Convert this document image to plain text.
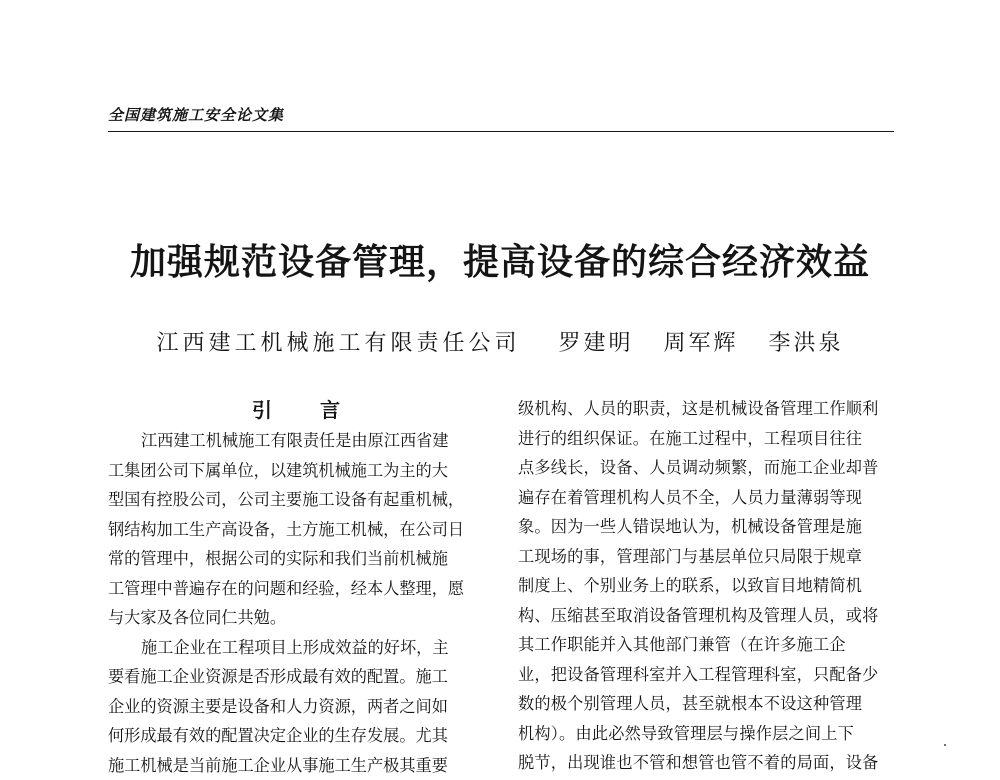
全国建筑施工安全论文集
加强规范设备管理，提高设备的综合经济效益
江西建工机械施工有限责任公司 罗建明 周军辉 李洪泉
引言
江西建工机械施工有限责任是由原江西省建
工集团公司下属单位，以建筑机械施工为主的大
型国有控股公司，公司主要施工设备有起重机械，
钢结构加工生产高设备，土方施工机械，在公司日
常的管理中，根据公司的实际和我们当前机械施
工管理中普遍存在的问题和经验，经本人整理，愿
与大家及各位同仁共勉。
施工企业在工程项目上形成效益的好坏，主
要看施工企业资源是否形成最有效的配置。施工
企业的资源主要是设备和人力资源，两者之间如
何形成最有效的配置决定企业的生存发展。尤其
施工机械是当前施工企业从事施工生产极其重要
级机构、人员的职责，这是机械设备管理工作顺利
进行的组织保证。在施工过程中，工程项目往往
点多线长，设备、人员调动频繁，而施工企业却普
遍存在着管理机构人员不全，人员力量薄弱等现
象。因为一些人错误地认为，机械设备管理是施
工现场的事，管理部门与基层单位只局限于规章
制度上、个别业务上的联系，以致盲目地精简机
构、压缩甚至取消设备管理机构及管理人员，或将
其工作职能并入其他部门兼管（在许多施工企
业，把设备管理科室并入工程管理科室，只配备少
数的极个别管理人员，甚至就根本不设这种管理
机构）。由此必然导致管理层与操作层之间上下
脱节，出现谁也不管和想管也管不着的局面，设备
